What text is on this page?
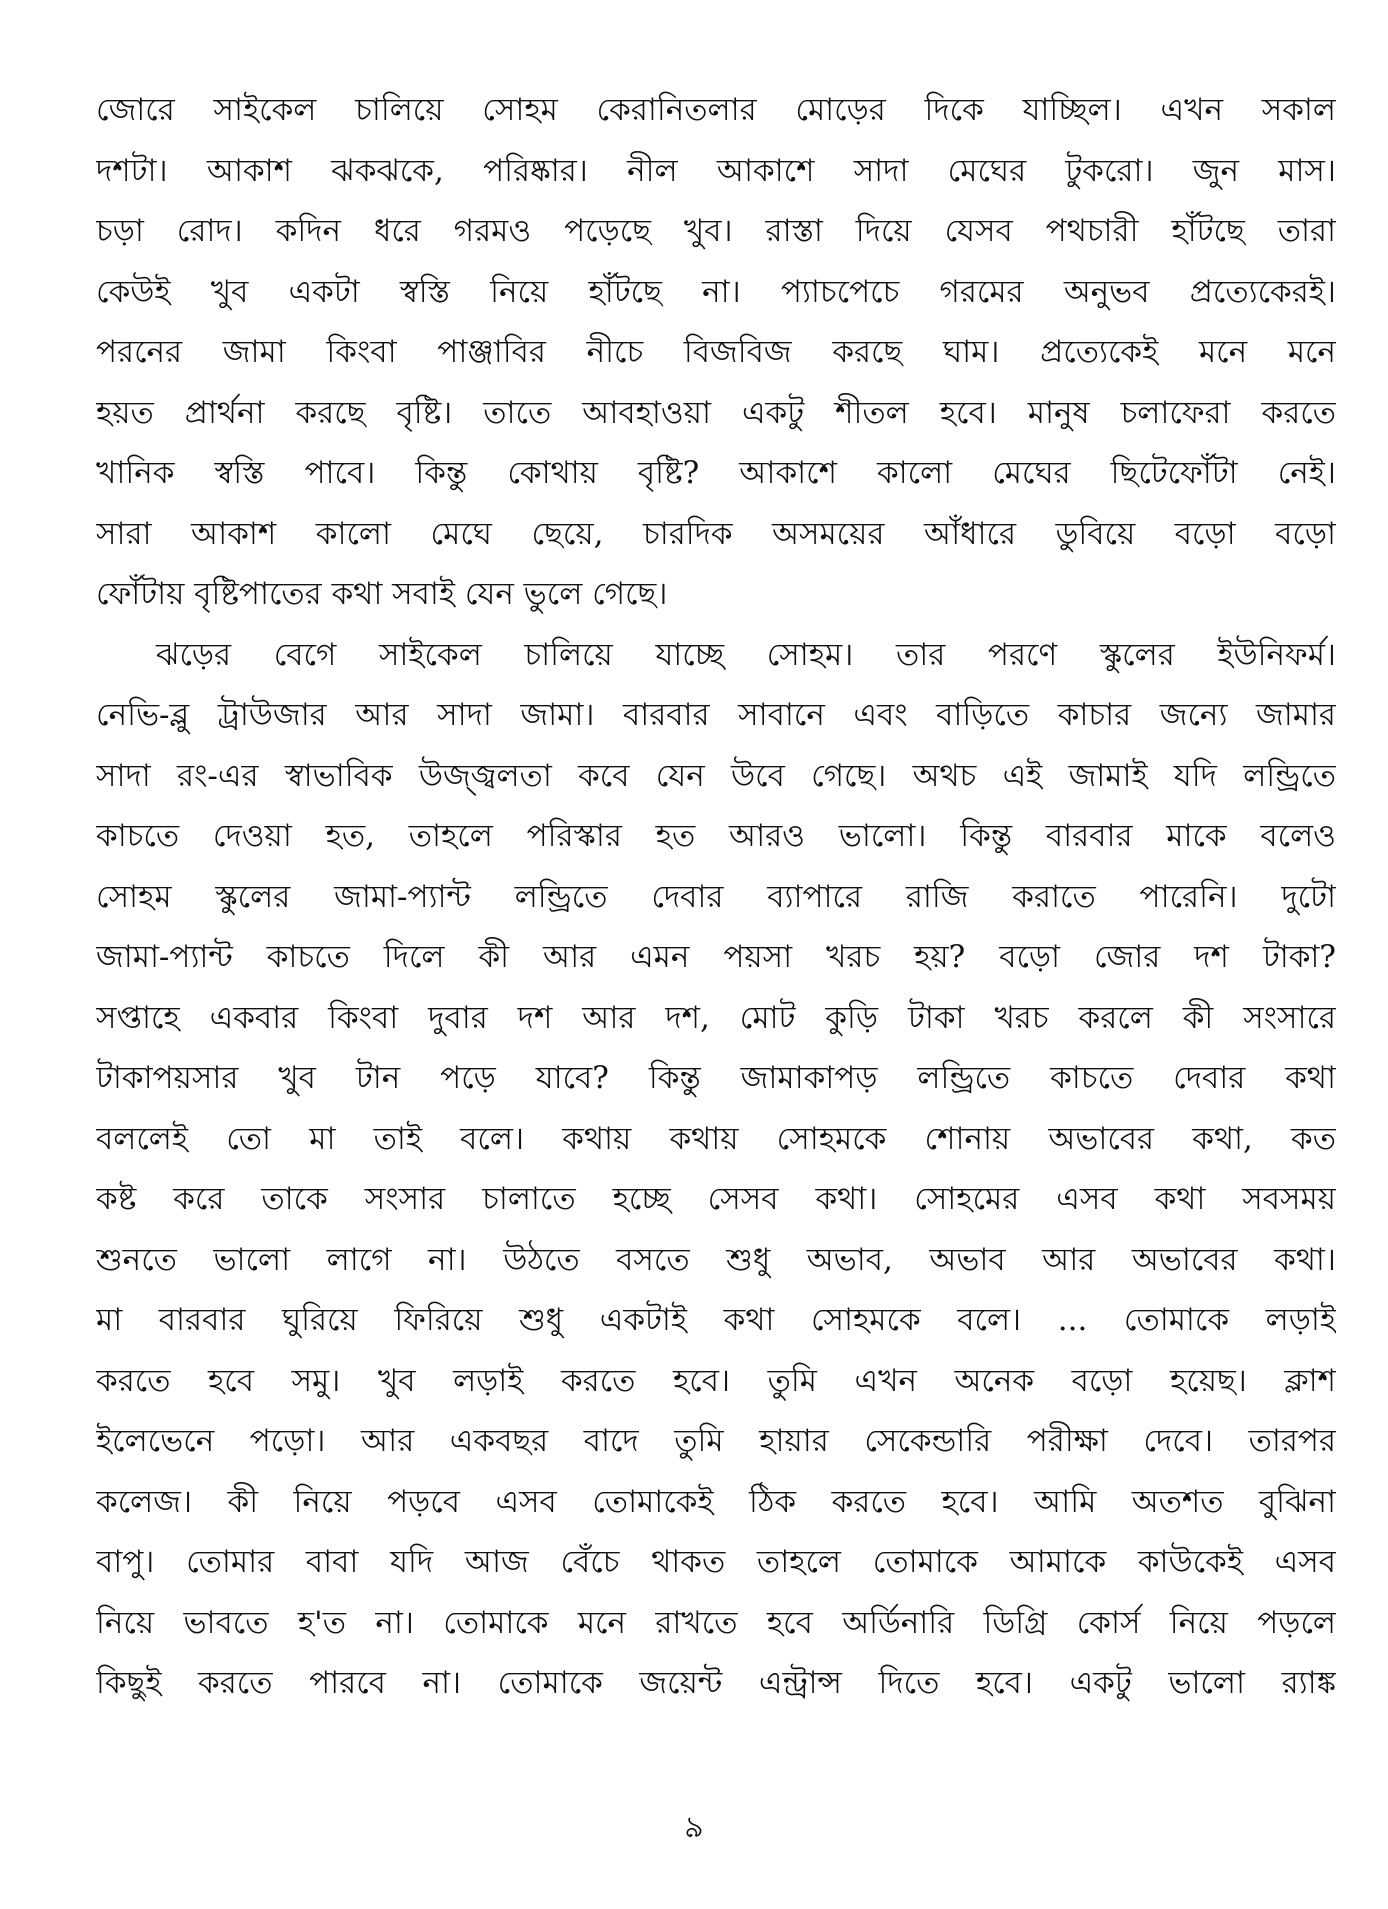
জোরে সাইকেল চালিয়ে সোহম কেরানিতলার মোড়ের দিকে যাচ্ছিল। এখন সকাল
দশটা। আকাশ ঝকঝকে, পরিষ্কার। নীল আকাশে সাদা মেঘের টুকরো। জুন মাস।
চড়া রোদ। কদিন ধরে গরমও পড়েছে খুব। রাস্তা দিয়ে যেসব পথচারী হাঁটছে তারা
কেউই খুব একটা স্বস্তি নিয়ে হাঁটছে না। প্যাচপেচে গরমের অনুভব প্রত্যেকেরই।
পরনের জামা কিংবা পাঞ্জাবির নীচে বিজবিজ করছে ঘাম। প্রত্যেকেই মনে মনে
হয়ত প্রার্থনা করছে বৃষ্টি। তাতে আবহাওয়া একটু শীতল হবে। মানুষ চলাফেরা করতে
খানিক স্বস্তি পাবে। কিন্তু কোথায় বৃষ্টি? আকাশে কালো মেঘের ছিটেফোঁটা নেই।
সারা আকাশ কালো মেঘে ছেয়ে, চারদিক অসময়ের আঁধারে ডুবিয়ে বড়ো বড়ো
ফোঁটায় বৃষ্টিপাতের কথা সবাই যেন ভুলে গেছে।
ঝড়ের বেগে সাইকেল চালিয়ে যাচ্ছে সোহম। তার পরণে স্কুলের ইউনিফর্ম।
নেভি-ব্লু ট্রাউজার আর সাদা জামা। বারবার সাবানে এবং বাড়িতে কাচার জন্যে জামার
সাদা রং-এর স্বাভাবিক উজ্জ্বলতা কবে যেন উবে গেছে। অথচ এই জামাই যদি লন্ড্রিতে
কাচতে দেওয়া হত, তাহলে পরিস্কার হত আরও ভালো। কিন্তু বারবার মাকে বলেও
সোহম স্কুলের জামা-প্যান্ট লন্ড্রিতে দেবার ব্যাপারে রাজি করাতে পারেনি। দুটো
জামা-প্যান্ট কাচতে দিলে কী আর এমন পয়সা খরচ হয়? বড়ো জোর দশ টাকা?
সপ্তাহে একবার কিংবা দুবার দশ আর দশ, মোট কুড়ি টাকা খরচ করলে কী সংসারে
টাকাপয়সার খুব টান পড়ে যাবে? কিন্তু জামাকাপড় লন্ড্রিতে কাচতে দেবার কথা
বললেই তো মা তাই বলে। কথায় কথায় সোহমকে শোনায় অভাবের কথা, কত
কষ্ট করে তাকে সংসার চালাতে হচ্ছে সেসব কথা। সোহমের এসব কথা সবসময়
শুনতে ভালো লাগে না। উঠতে বসতে শুধু অভাব, অভাব আর অভাবের কথা।
মা বারবার ঘুরিয়ে ফিরিয়ে শুধু একটাই কথা সোহমকে বলে। ... তোমাকে লড়াই
করতে হবে সমু। খুব লড়াই করতে হবে। তুমি এখন অনেক বড়ো হয়েছ। ক্লাশ
ইলেভেনে পড়ো। আর একবছর বাদে তুমি হায়ার সেকেন্ডারি পরীক্ষা দেবে। তারপর
কলেজ। কী নিয়ে পড়বে এসব তোমাকেই ঠিক করতে হবে। আমি অতশত বুঝিনা
বাপু। তোমার বাবা যদি আজ বেঁচে থাকত তাহলে তোমাকে আমাকে কাউকেই এসব
নিয়ে ভাবতে হ'ত না। তোমাকে মনে রাখতে হবে অর্ডিনারি ডিগ্রি কোর্স নিয়ে পড়লে
কিছুই করতে পারবে না। তোমাকে জয়েন্ট এন্ট্রান্স দিতে হবে। একটু ভালো র‍্যাঙ্ক
৯
